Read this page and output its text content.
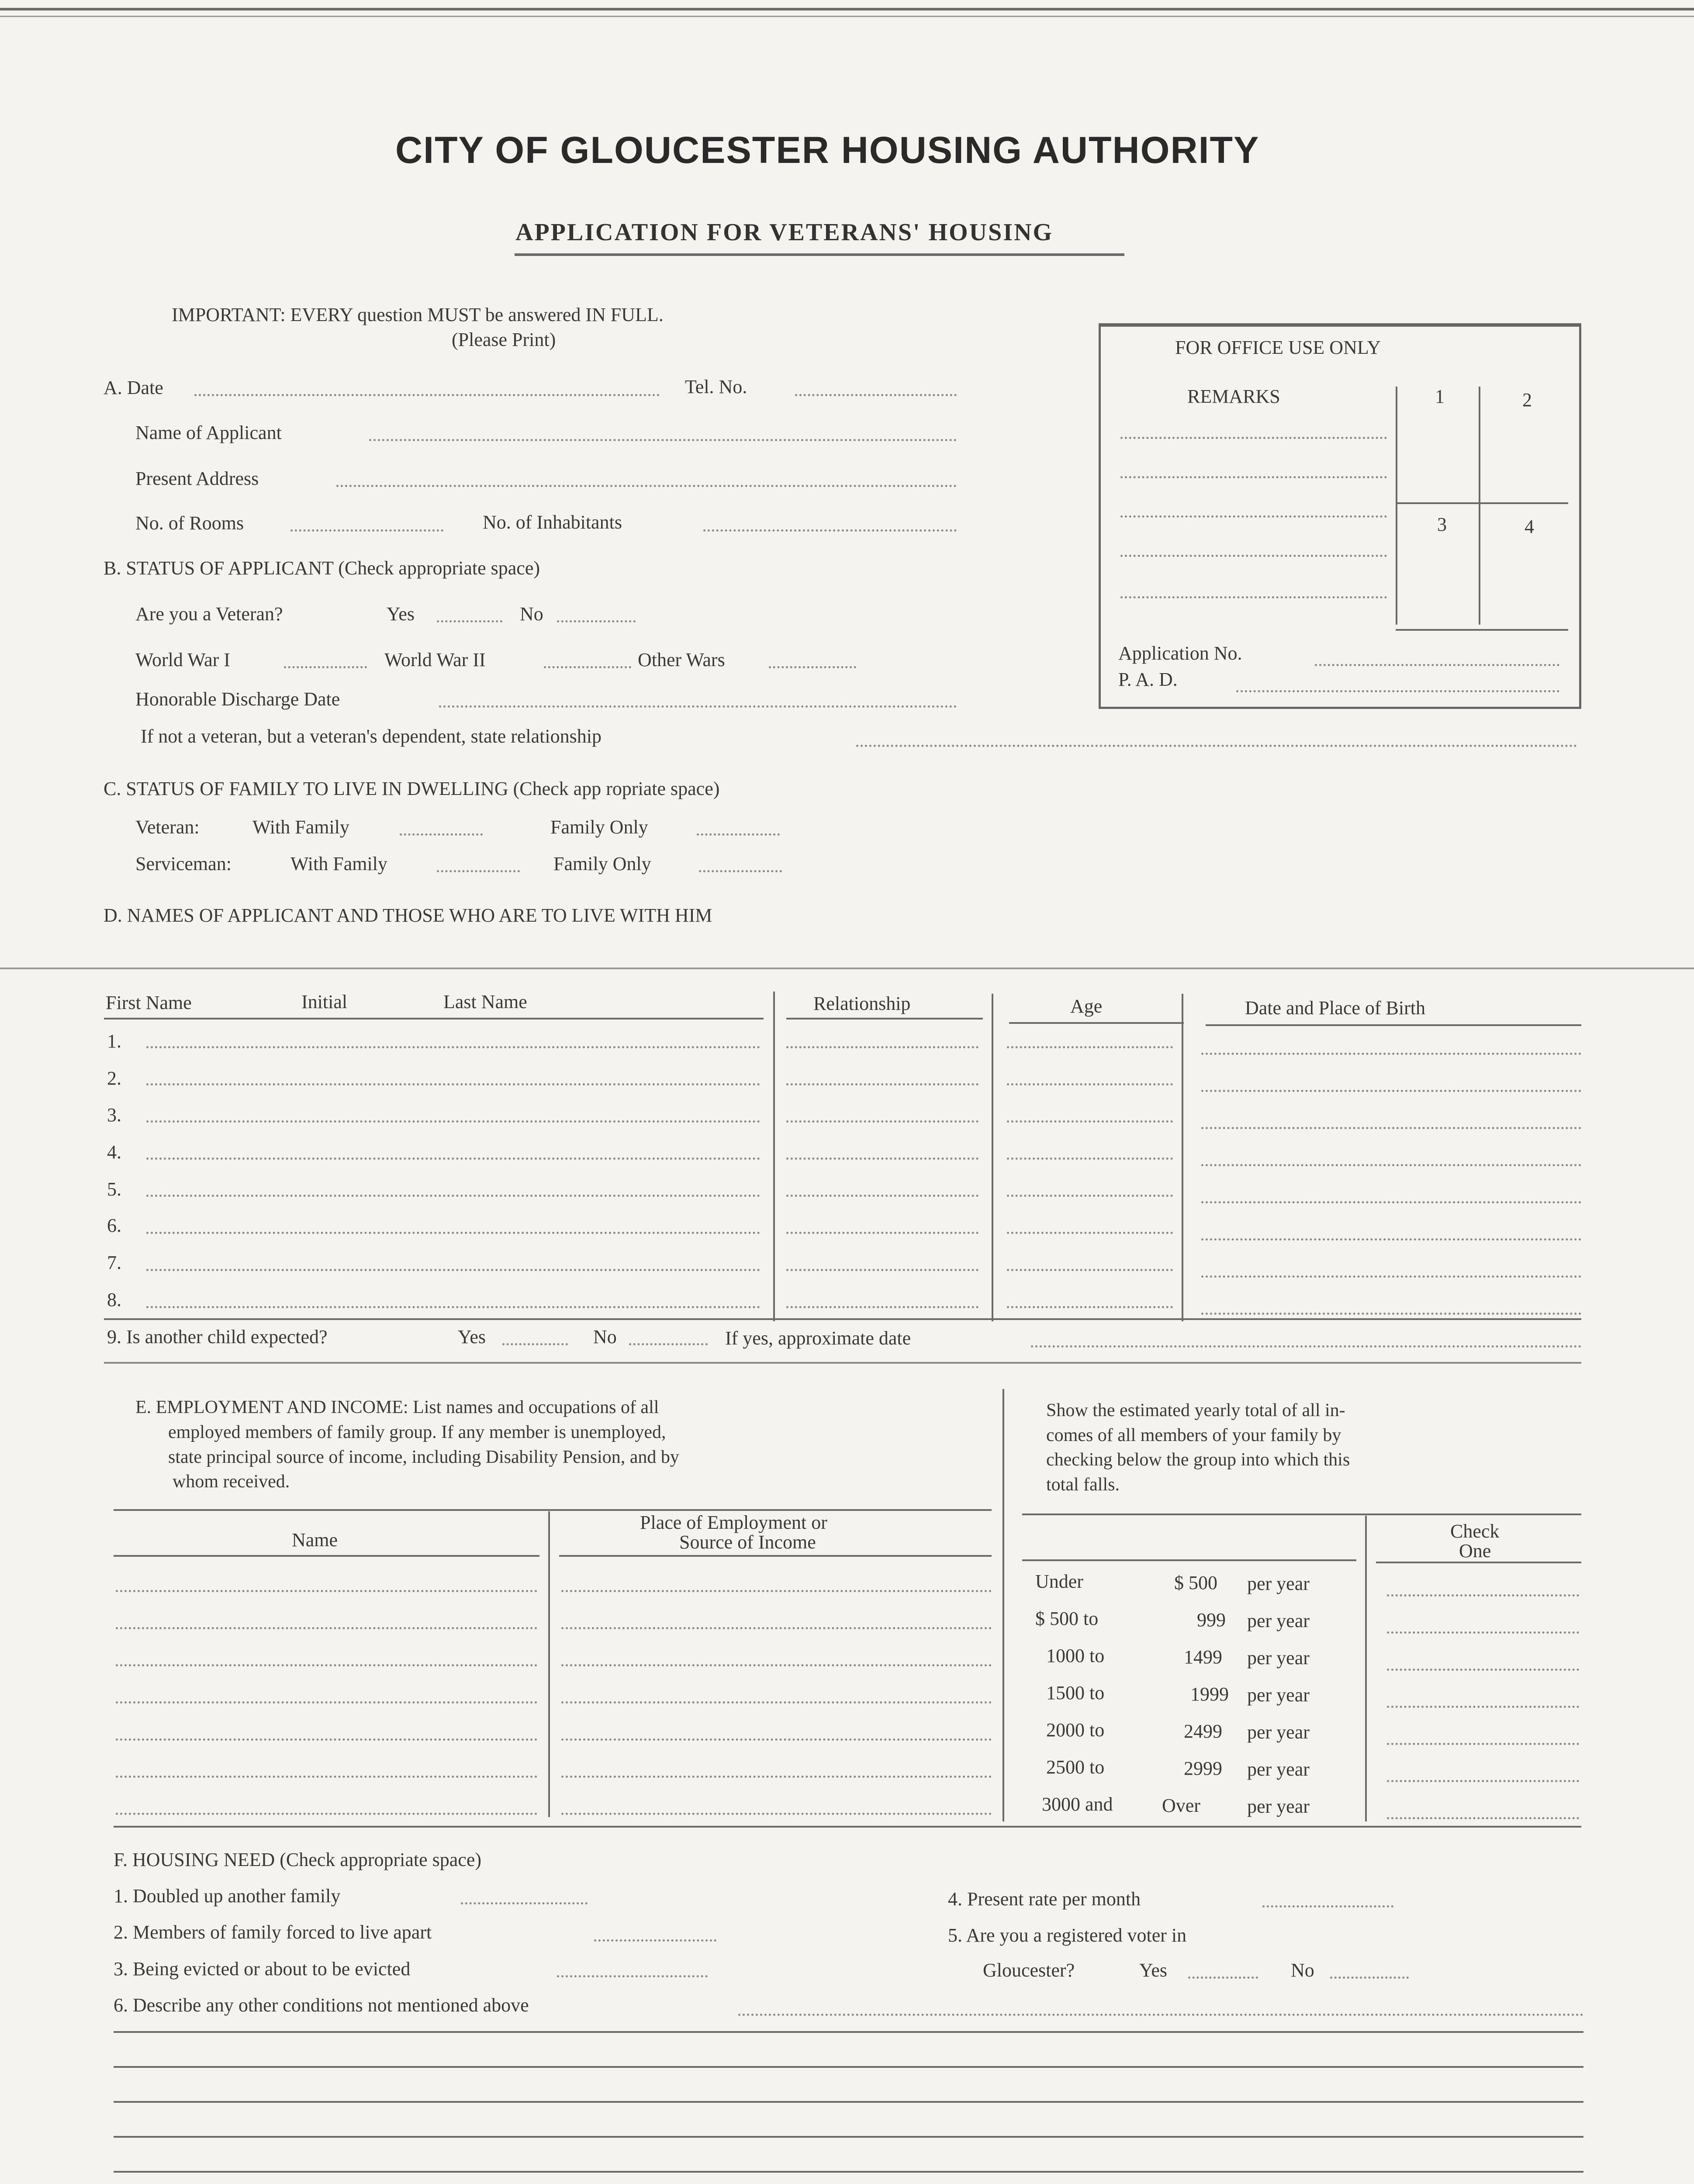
CITY OF GLOUCESTER HOUSING AUTHORITY
APPLICATION FOR VETERANS' HOUSING
IMPORTANT: EVERY question MUST be answered IN FULL.
(Please Print)	FOR OFFICE USE ONLY
REMARKS	1	2
3	4
Application No.
P. A. D.
A. Date	Tel. No.
Name of Applicant
Present Address
No. of Rooms	No. of Inhabitants
B. STATUS OF APPLICANT (Check appropriate space)
Are you a Veteran?	Yes	No
World War I	World War II	Other Wars
Honorable Discharge Date
If not a veteran, but a veteran's dependent, state relationship
C. STATUS OF FAMILY TO LIVE IN DWELLING (Check app ropriate space)
Veteran:	With Family	Family Only
Serviceman:	With Family	Family Only
D. NAMES OF APPLICANT AND THOSE WHO ARE TO LIVE WITH HIM
First Name	Initial	Last Name	Relationship	Age	Date and Place of Birth
1.
2.
3.
4.
5.
6.
7.
8.
9. Is another child expected?	Yes	No	If yes, approximate date
E. EMPLOYMENT AND INCOME: List names and occupations of all
employed members of family group. If any member is unemployed,
state principal source of income, including Disability Pension, and by
whom received.
Show the estimated yearly total of all in-
comes of all members of your family by
checking below the group into which this
total falls.
Name
Place of Employment or
Source of Income
Check
One
Under	$ 500 per year
$ 500 to	999 per year
1000 to	1499 per year
1500 to	1999 per year
2000 to	2499 per year
2500 to	2999 per year
3000 and	Over per year
F. HOUSING NEED (Check appropriate space)
1. Doubled up another family
2. Members of family forced to live apart
3. Being evicted or about to be evicted
4. Present rate per month
5. Are you a registered voter in
Gloucester?	Yes	No
6. Describe any other conditions not mentioned above
